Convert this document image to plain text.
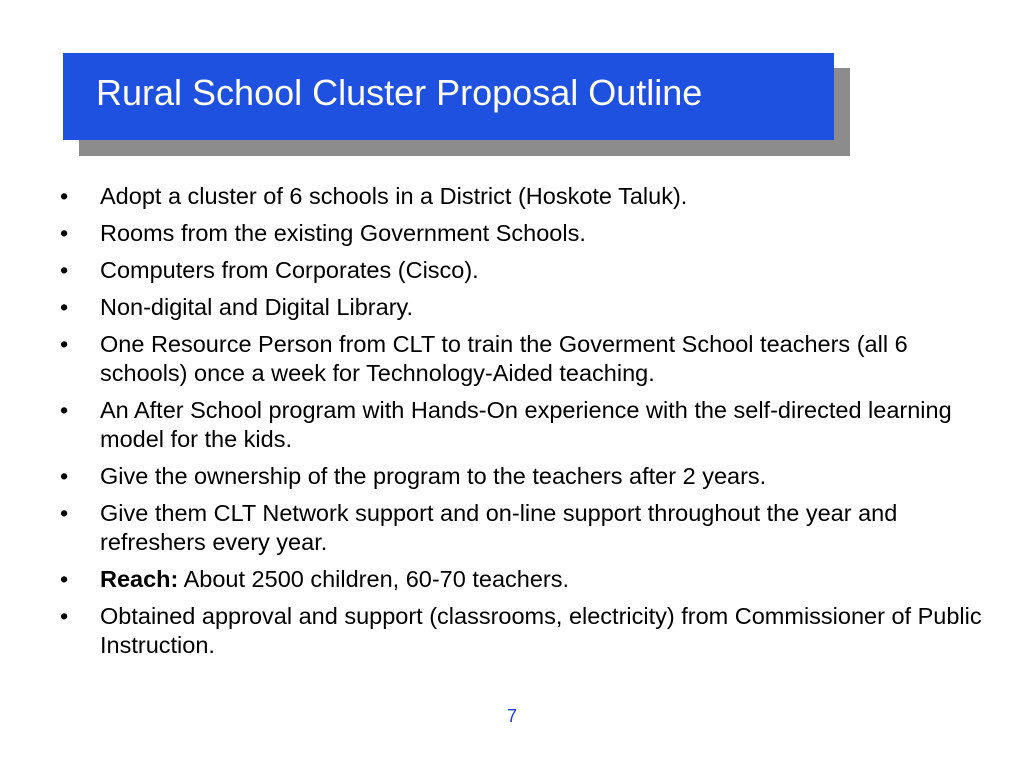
Rural School Cluster Proposal Outline
•	Adopt a cluster of 6 schools in a District (Hoskote Taluk).
•	Rooms from the existing Government Schools.
•	Computers from Corporates (Cisco).
•	Non-digital and Digital Library.
•	One Resource Person from CLT to train the Goverment School teachers (all 6 schools) once a week for Technology-Aided teaching.
•	An After School program with Hands-On experience with the self-directed learning model for the kids.
•	Give the ownership of the program to the teachers after 2 years.
•	Give them CLT Network support and on-line support throughout the year and refreshers every year.
•	Reach: About 2500 children, 60-70 teachers.
•	Obtained approval and support (classrooms, electricity) from Commissioner of Public Instruction.
7
